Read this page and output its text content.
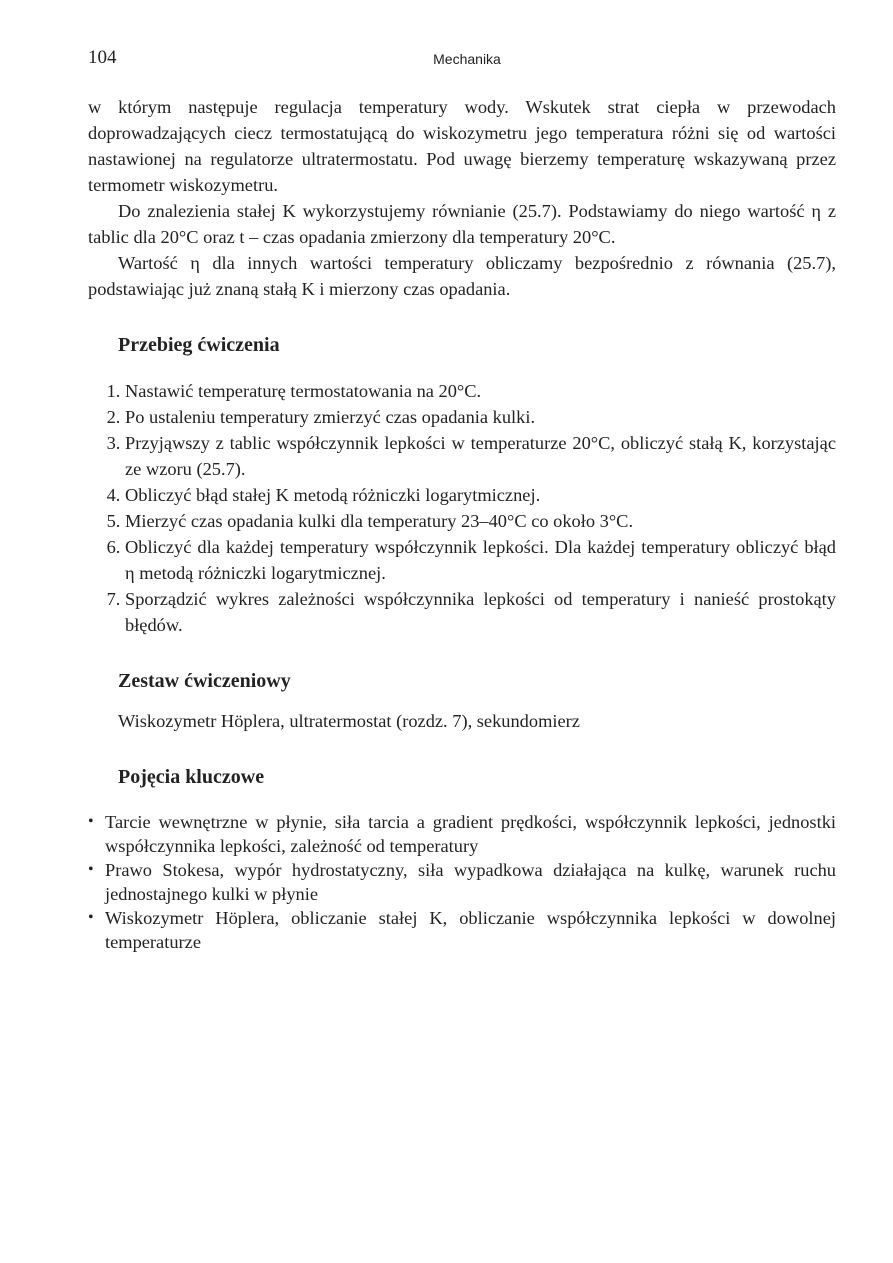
104	Mechanika

w którym następuje regulacja temperatury wody. Wskutek strat ciepła w przewodach doprowadzających ciecz termostatującą do wiskozymetru jego temperatura różni się od wartości nastawionej na regulatorze ultratermostatu. Pod uwagę bierzemy temperaturę wskazywaną przez termometr wiskozymetru.

Do znalezienia stałej K wykorzystujemy równianie (25.7). Podstawiamy do niego wartość η z tablic dla 20°C oraz t – czas opadania zmierzony dla temperatury 20°C.

Wartość η dla innych wartości temperatury obliczamy bezpośrednio z równania (25.7), podstawiając już znaną stałą K i mierzony czas opadania.

Przebieg ćwiczenia
1. Nastawić temperaturę termostatowania na 20°C.
2. Po ustaleniu temperatury zmierzyć czas opadania kulki.
3. Przyjąwszy z tablic współczynnik lepkości w temperaturze 20°C, obliczyć stałą K, korzystając ze wzoru (25.7).
4. Obliczyć błąd stałej K metodą różniczki logarytmicznej.
5. Mierzyć czas opadania kulki dla temperatury 23–40°C co około 3°C.
6. Obliczyć dla każdej temperatury współczynnik lepkości. Dla każdej temperatury obliczyć błąd η metodą różniczki logarytmicznej.
7. Sporządzić wykres zależności współczynnika lepkości od temperatury i nanieść prostokąty błędów.
Zestaw ćwiczeniowy

Wiskozymetr Höplera, ultratermostat (rozdz. 7), sekundomierz

Pojęcia kluczowe
• Tarcie wewnętrzne w płynie, siła tarcia a gradient prędkości, współczynnik lepkości, jednostki współczynnika lepkości, zależność od temperatury
• Prawo Stokesa, wypór hydrostatyczny, siła wypadkowa działająca na kulkę, warunek ruchu jednostajnego kulki w płynie
• Wiskozymetr Höplera, obliczanie stałej K, obliczanie współczynnika lepkości w dowolnej temperaturze
